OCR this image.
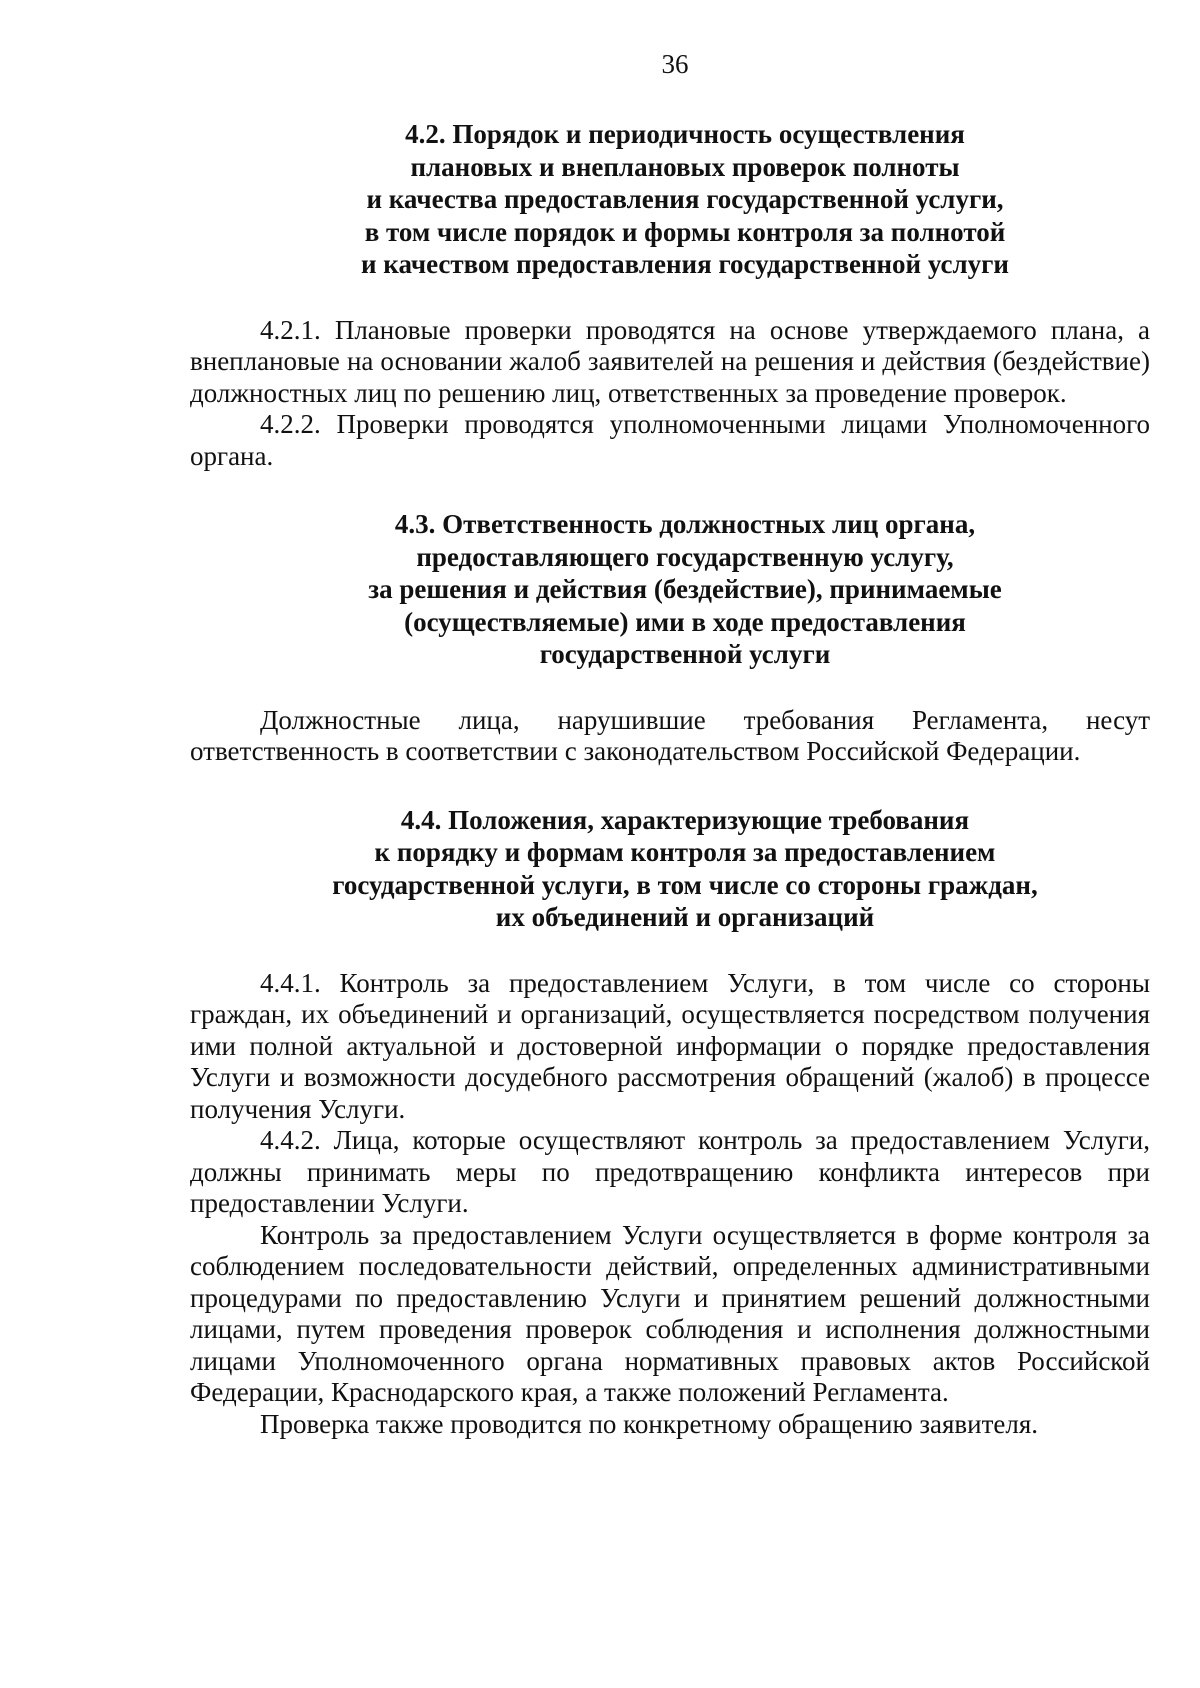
36
4.2. Порядок и периодичность осуществления
плановых и внеплановых проверок полноты
и качества предоставления государственной услуги,
в том числе порядок и формы контроля за полнотой
и качеством предоставления государственной услуги

4.2.1. Плановые проверки проводятся на основе утверждаемого плана, а внеплановые на основании жалоб заявителей на решения и действия (бездействие) должностных лиц по решению лиц, ответственных за проведение проверок.

4.2.2. Проверки проводятся уполномоченными лицами Уполномоченного органа.

4.3. Ответственность должностных лиц органа,
предоставляющего государственную услугу,
за решения и действия (бездействие), принимаемые
(осуществляемые) ими в ходе предоставления
государственной услуги

Должностные лица, нарушившие требования Регламента, несут ответственность в соответствии с законодательством Российской Федерации.

4.4. Положения, характеризующие требования
к порядку и формам контроля за предоставлением
государственной услуги, в том числе со стороны граждан,
их объединений и организаций

4.4.1. Контроль за предоставлением Услуги, в том числе со стороны граждан, их объединений и организаций, осуществляется посредством получения ими полной актуальной и достоверной информации о порядке предоставления Услуги и возможности досудебного рассмотрения обращений (жалоб) в процессе получения Услуги.

4.4.2. Лица, которые осуществляют контроль за предоставлением Услуги, должны принимать меры по предотвращению конфликта интересов при предоставлении Услуги.

Контроль за предоставлением Услуги осуществляется в форме контроля за соблюдением последовательности действий, определенных административными процедурами по предоставлению Услуги и принятием решений должностными лицами, путем проведения проверок соблюдения и исполнения должностными лицами Уполномоченного органа нормативных правовых актов Российской Федерации, Краснодарского края, а также положений Регламента.

Проверка также проводится по конкретному обращению заявителя.
